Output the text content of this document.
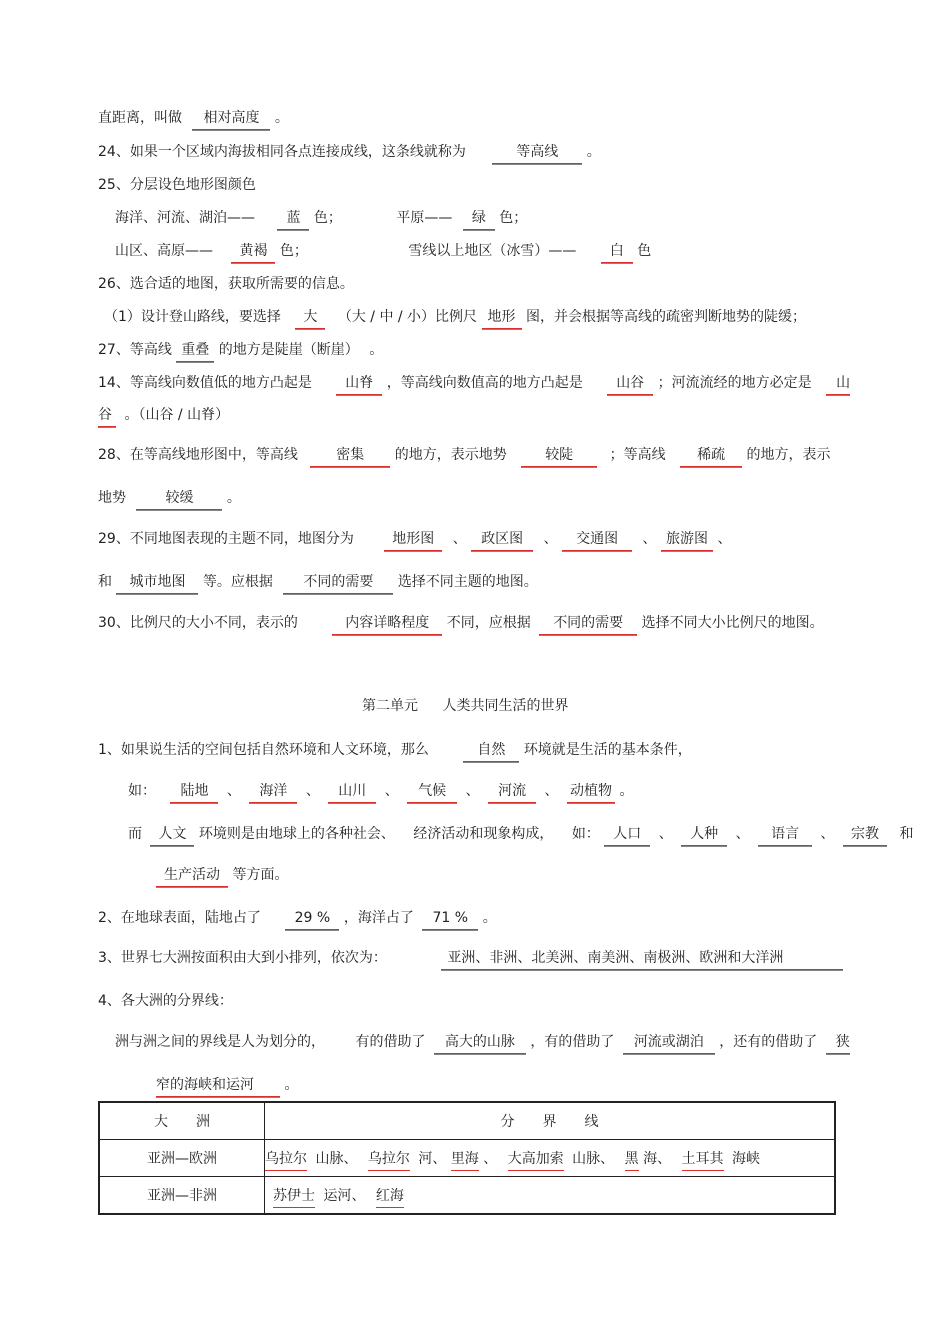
直距离，叫做 相对高度 。
24、如果一个区域内海拔相同各点连接成线，这条线就称为	等高线 。
25、分层设色地形图颜色
海洋、河流、湖泊—— 蓝 色；	平原—— 绿 色；
山区、高原—— 黄褐 色；	雪线以上地区（冰雪）—— 白 色
26、选合适的地图，获取所需要的信息。
（1）设计登山路线，要选择 大 （大 / 中 / 小）比例尺 地形 图，并会根据等高线的疏密判断地势的陡缓；
27、等高线 重叠 的地方是陡崖（断崖） 。
14、等高线向数值低的地方凸起是 山脊 ，等高线向数值高的地方凸起是 山谷 ；河流流经的地方必定是 山
谷 。（山谷 / 山脊）
28、在等高线地形图中，等高线	密集 的地方，表示地势	较陡	；等高线 稀疏 的地方，表示
地势	较缓 。
29、不同地图表现的主题不同，地图分为	地形图 、 政区图 、 交通图 、 旅游图 、
和 城市地图 等。应根据 不同的需要 选择不同主题的地图。
30、比例尺的大小不同，表示的	内容详略程度 不同，应根据 不同的需要 选择不同大小比例尺的地图。
第二单元 人类共同生活的世界
1、如果说生活的空间包括自然环境和人文环境，那么	自然 环境就是生活的基本条件，
如： 陆地 、 海洋 、 山川 、 气候 、 河流 、 动植物 。
而 人文 环境则是由地球上的各种社会、 经济活动和现象构成， 如： 人口 、 人种 、 语言 、 宗教 和
生产活动 等方面。
2、在地球表面，陆地占了 29 % ，海洋占了 71 % 。
3、世界七大洲按面积由大到小排列，依次为：	亚洲、非洲、北美洲、南美洲、南极洲、欧洲和大洋洲
4、各大洲的分界线：
洲与洲之间的界线是人为划分的， 有的借助了 高大的山脉 ，有的借助了 河流或湖泊 ，还有的借助了 狭
窄的海峡和运河 。
大　　洲	分　　界　　线
亚洲—欧洲	乌拉尔 山脉、 乌拉尔 河、 里海 、 大高加索 山脉、 黑 海、 土耳其 海峡
亚洲—非洲	苏伊士 运河、 红海
